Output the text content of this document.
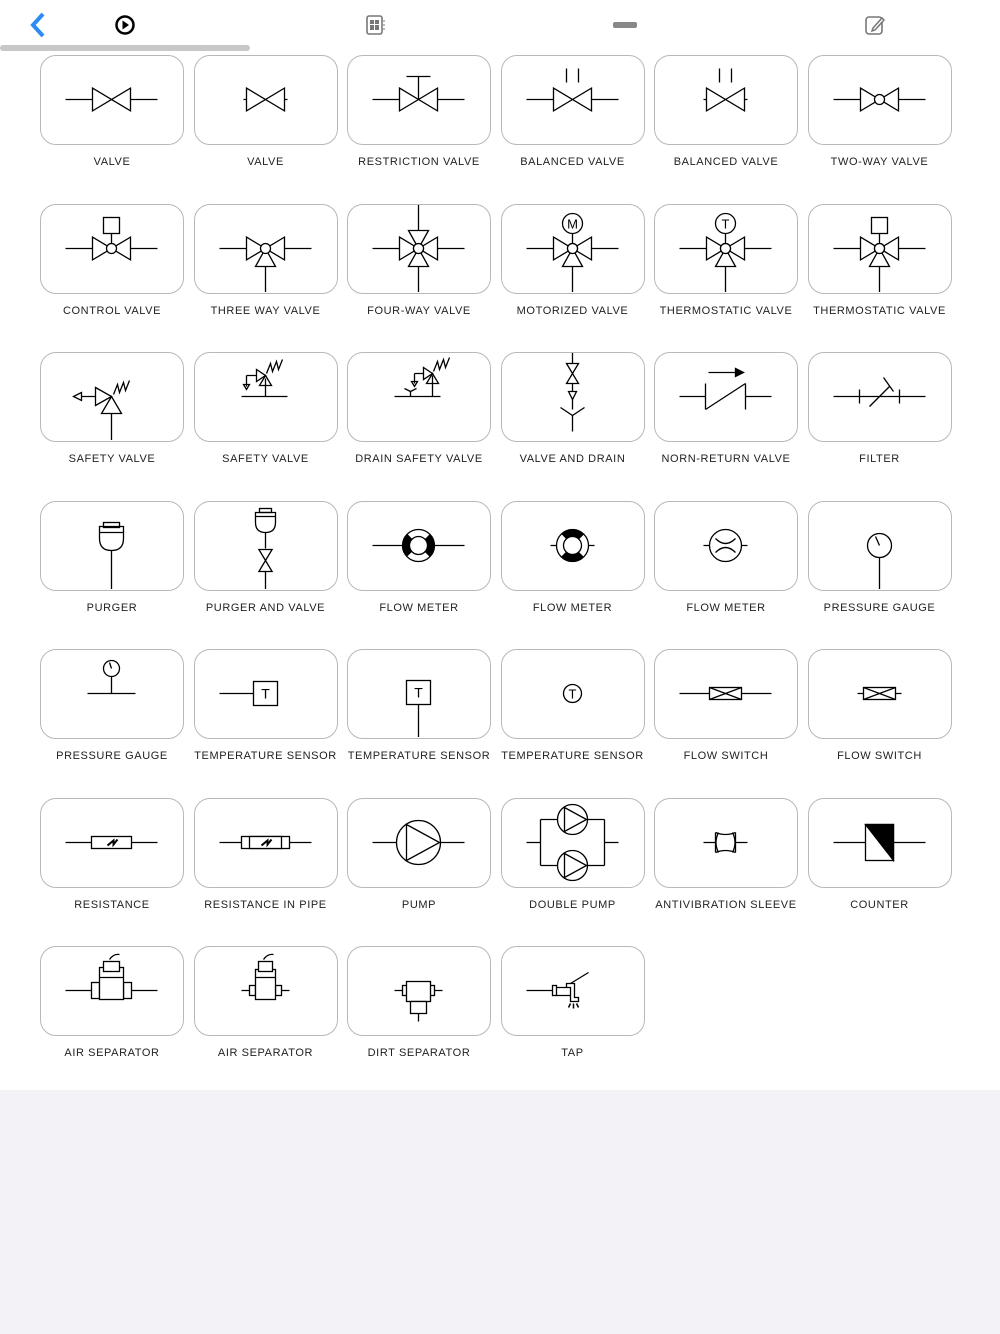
VALVE	VALVE	RESTRICTION VALVE	BALANCED VALVE	BALANCED VALVE	TWO-WAY VALVE
CONTROL VALVE	THREE WAY VALVE	FOUR-WAY VALVE
M
MOTORIZED VALVE
T
THERMOSTATIC VALVE	THERMOSTATIC VALVE
SAFETY VALVE	SAFETY VALVE	DRAIN SAFETY VALVE	VALVE AND DRAIN	NORN-RETURN VALVE	FILTER
PURGER	PURGER AND VALVE	FLOW METER	FLOW METER	FLOW METER	PRESSURE GAUGE
PRESSURE GAUGE
T
TEMPERATURE SENSOR
T
TEMPERATURE SENSOR
T
TEMPERATURE SENSOR	FLOW SWITCH	FLOW SWITCH
RESISTANCE	RESISTANCE IN PIPE	PUMP	DOUBLE PUMP	ANTIVIBRATION SLEEVE	COUNTER
AIR SEPARATOR	AIR SEPARATOR	DIRT SEPARATOR	TAP
